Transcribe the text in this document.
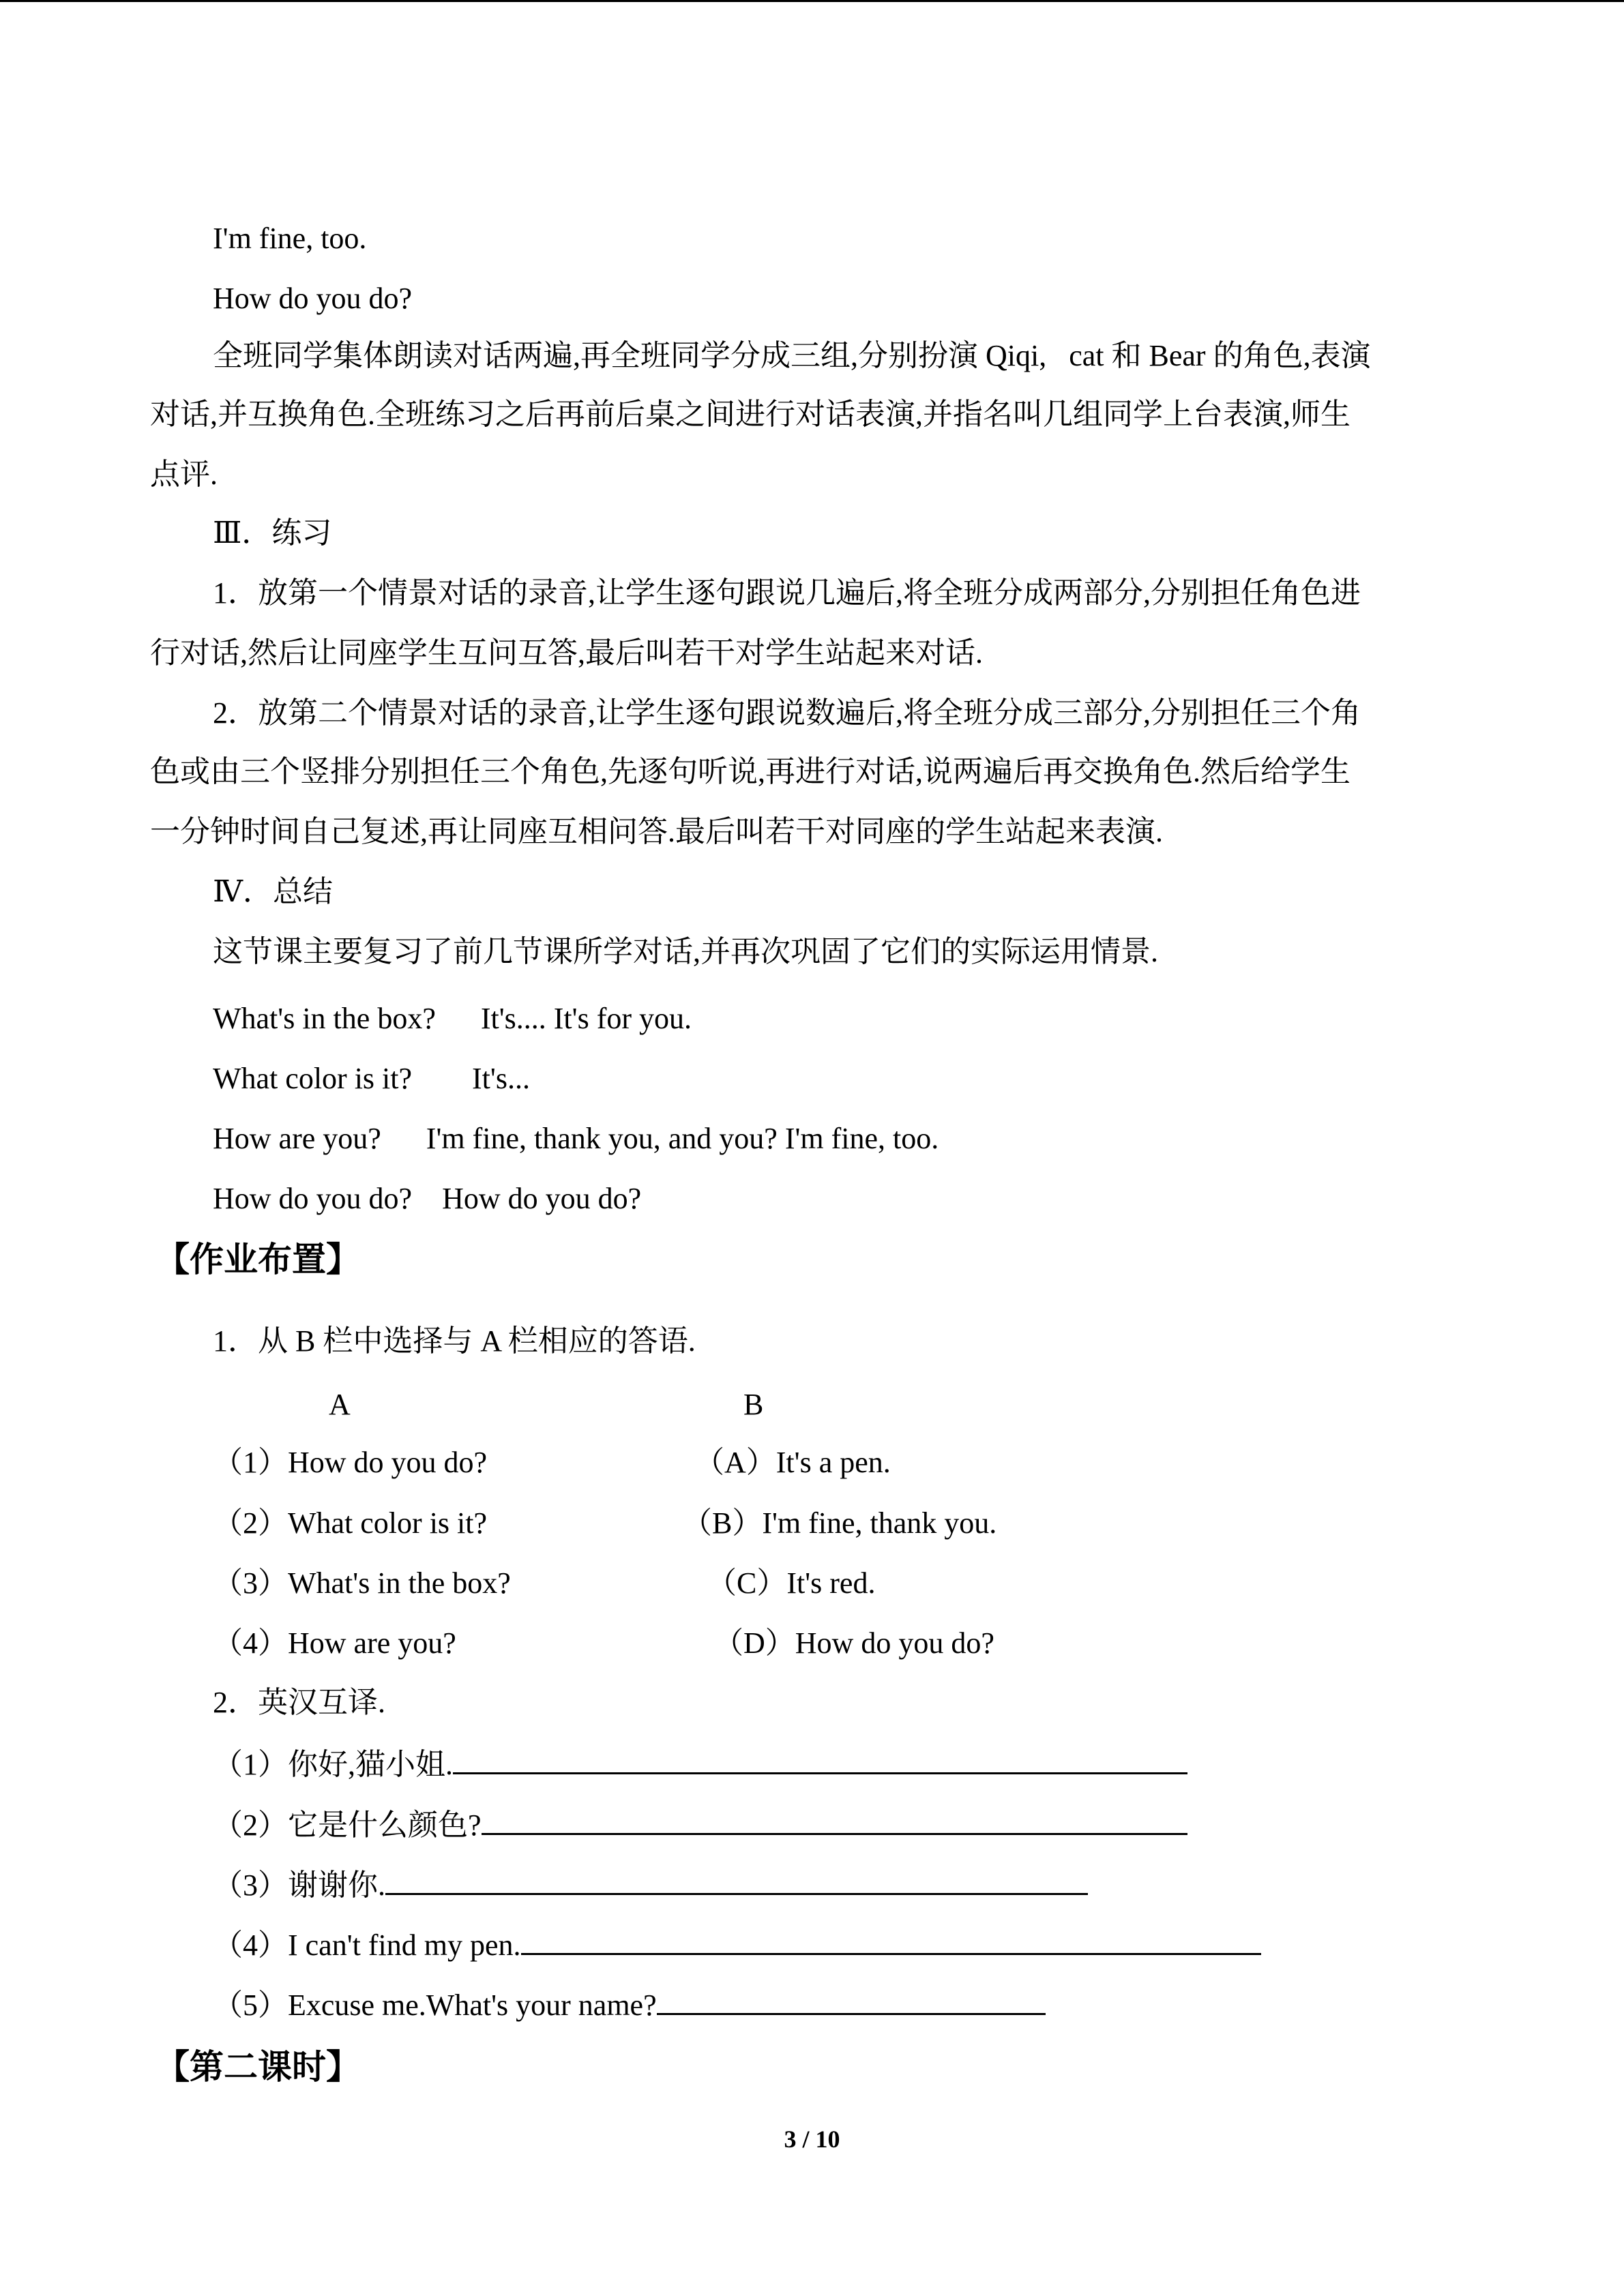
I'm fine, too.
How do you do?
全班同学集体朗读对话两遍,再全班同学分成三组,分别扮演 Qiqi,   cat 和 Bear 的角色,表演
对话,并互换角色.全班练习之后再前后桌之间进行对话表演,并指名叫几组同学上台表演,师生
点评.
Ⅲ．练习
1．放第一个情景对话的录音,让学生逐句跟说几遍后,将全班分成两部分,分别担任角色进
行对话,然后让同座学生互问互答,最后叫若干对学生站起来对话.
2．放第二个情景对话的录音,让学生逐句跟说数遍后,将全班分成三部分,分别担任三个角
色或由三个竖排分别担任三个角色,先逐句听说,再进行对话,说两遍后再交换角色.然后给学生
一分钟时间自己复述,再让同座互相问答.最后叫若干对同座的学生站起来表演.
Ⅳ．总结
这节课主要复习了前几节课所学对话,并再次巩固了它们的实际运用情景.
What's in the box?      It's.... It's for you.
What color is it?        It's...
How are you?      I'm fine, thank you, and you? I'm fine, too.
How do you do?    How do you do?
【作业布置】
1．从 B 栏中选择与 A 栏相应的答语.
A	B
（1）How do you do?	（A）It's a pen.
（2）What color is it?	（B）I'm fine, thank you.
（3）What's in the box?	（C）It's red.
（4）How are you?	（D）How do you do?
2．英汉互译.
（1）你好,猫小姐.
（2）它是什么颜色?
（3）谢谢你.
（4）I can't find my pen.
（5）Excuse me.What's your name?
【第二课时】
3 / 10
